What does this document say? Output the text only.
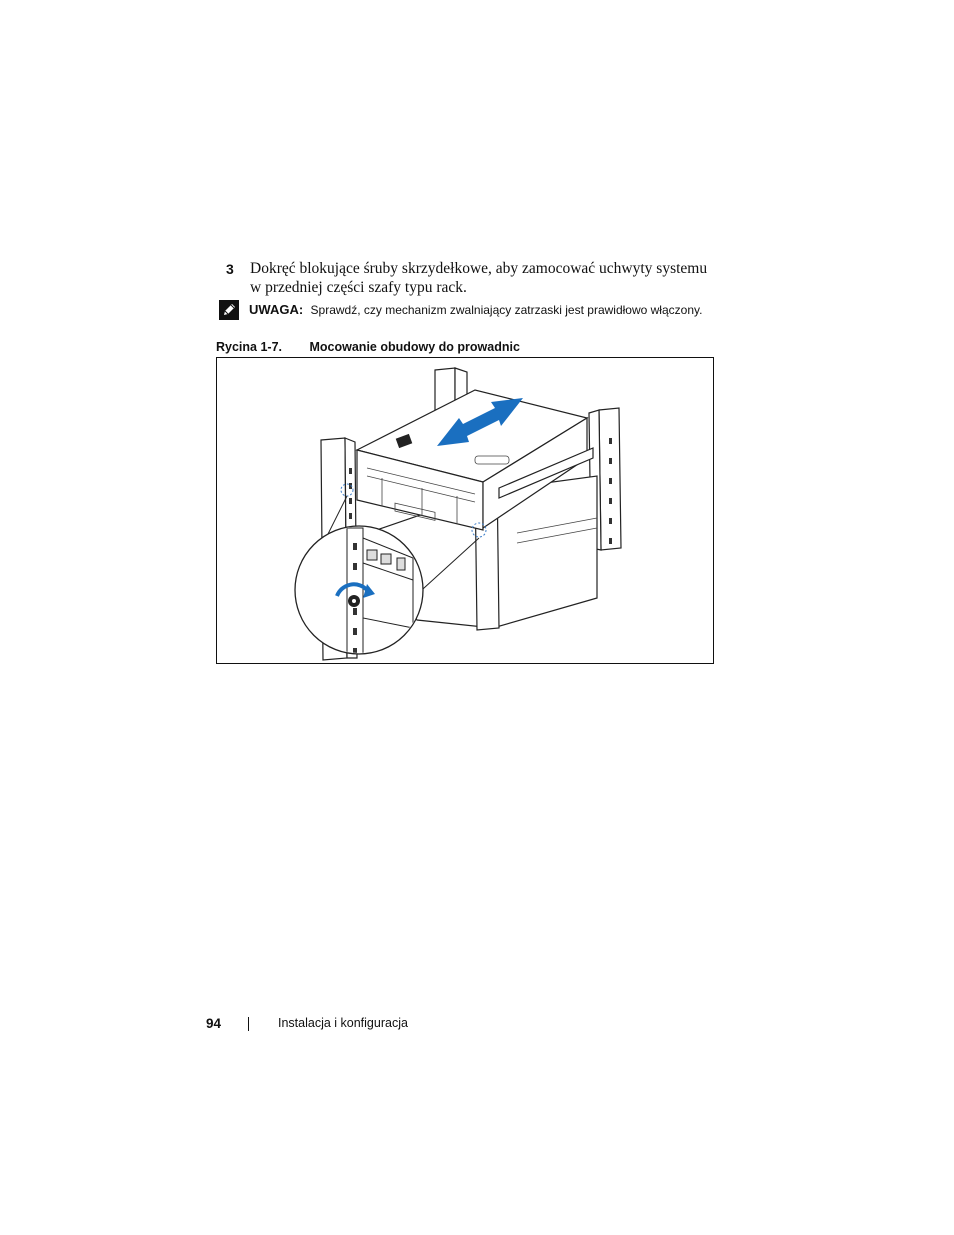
3 Dokręć blokujące śruby skrzydełkowe, aby zamocować uchwyty systemu w przedniej części szafy typu rack.
UWAGA: Sprawdź, czy mechanizm zwalniający zatrzaski jest prawidłowo włączony.
Rycina 1-7. Mocowanie obudowy do prowadnic
94	Instalacja i konfiguracja
